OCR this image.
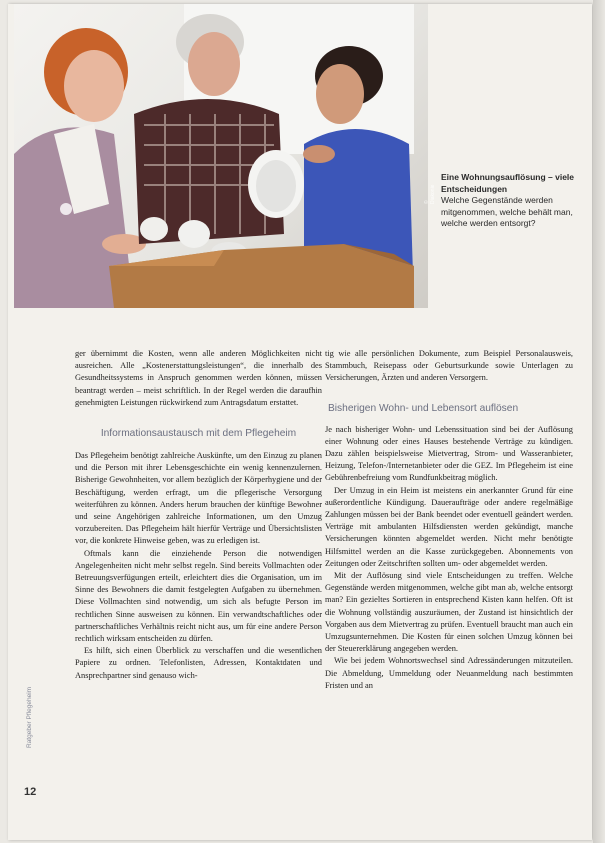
© Diakonie
Eine Wohnungsauflösung – viele Entscheidungen
Welche Gegenstände werden mitgenommen, welche behält man, welche werden entsorgt?

ger übernimmt die Kosten, wenn alle anderen Möglichkeiten nicht ausreichen. Alle „Kostenerstattungsleistungen“, die innerhalb des Gesundheitssystems in Anspruch genommen werden können, müssen beantragt werden – meist schriftlich. In der Regel werden die daraufhin genehmigten Leistungen rückwirkend zum Antragsdatum erstattet.

Informationsaustausch mit dem Pflegeheim

Das Pflegeheim benötigt zahlreiche Auskünfte, um den Einzug zu planen und die Person mit ihrer Lebensgeschichte ein wenig kennenzulernen. Bisherige Gewohnheiten, vor allem bezüglich der Körperhygiene und der Beschäftigung, werden erfragt, um die pflegerische Versorgung weiterführen zu können. Anders herum brauchen der künftige Bewohner und seine Angehörigen zahlreiche Informationen, um den Umzug vorzubereiten. Das Pflegeheim hält hierfür Verträge und Übersichtslisten vor, die konkrete Hinweise geben, was zu erledigen ist.

Oftmals kann die einziehende Person die notwendigen Angelegenheiten nicht mehr selbst regeln. Sind bereits Vollmachten oder Betreuungsverfügungen erteilt, erleichtert dies die Organisation, um im Sinne des Bewohners die damit festgelegten Aufgaben zu übernehmen. Diese Vollmachten sind notwendig, um sich als befugte Person im rechtlichen Sinne ausweisen zu können. Ein verwandtschaftliches oder partnerschaftliches Verhältnis reicht nicht aus, um für eine andere Person rechtlich wirksam entscheiden zu dürfen.

Es hilft, sich einen Überblick zu verschaffen und die wesentlichen Papiere zu ordnen. Telefonlisten, Adressen, Kontaktdaten und Ansprechpartner sind genauso wich-

tig wie alle persönlichen Dokumente, zum Beispiel Personalausweis, Stammbuch, Reisepass oder Geburtsurkunde sowie Unterlagen zu Versicherungen, Ärzten und anderen Versorgern.

Bisherigen Wohn- und Lebensort auflösen

Je nach bisheriger Wohn- und Lebenssituation sind bei der Auflösung einer Wohnung oder eines Hauses bestehende Verträge zu kündigen. Dazu zählen beispielsweise Mietvertrag, Strom- und Wasseranbieter, Heizung, Telefon-/Internetanbieter oder die GEZ. Im Pflegeheim ist eine Gebührenbefreiung vom Rundfunkbeitrag möglich.

Der Umzug in ein Heim ist meistens ein anerkannter Grund für eine außerordentliche Kündigung. Daueraufträge oder andere regelmäßige Zahlungen müssen bei der Bank beendet oder eventuell geändert werden. Verträge mit ambulanten Hilfsdiensten werden gekündigt, manche Versicherungen könnten abgemeldet werden. Nicht mehr benötigte Hilfsmittel werden an die Kasse zurückgegeben. Abonnements von Zeitungen oder Zeitschriften sollten um- oder abgemeldet werden.

Mit der Auflösung sind viele Entscheidungen zu treffen. Welche Gegenstände werden mitgenommen, welche gibt man ab, welche entsorgt man? Ein gezieltes Sortieren in entsprechend Kisten kann helfen. Oft ist die Wohnung vollständig auszuräumen, der Zustand ist hinsichtlich der Vorgaben aus dem Mietvertrag zu prüfen. Eventuell braucht man auch ein Umzugsunternehmen. Die Kosten für einen solchen Umzug können bei der Steuererklärung angegeben werden.

Wie bei jedem Wohnortswechsel sind Adressänderungen mitzuteilen. Die Abmeldung, Ummeldung oder Neuanmeldung nach bestimmten Fristen und an

Ratgeber Pflegeheim
12
